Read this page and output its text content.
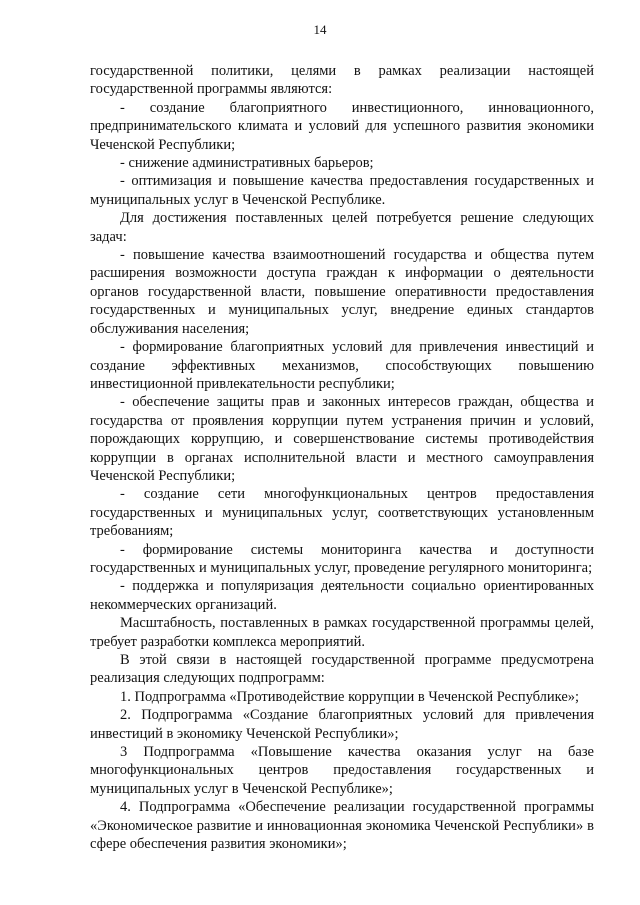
14

государственной политики, целями в рамках реализации настоящей государственной программы являются:

- создание благоприятного инвестиционного, инновационного, предпринимательского климата и условий для успешного развития экономики Чеченской Республики;

- снижение административных барьеров;

- оптимизация и повышение качества предоставления государственных и муниципальных услуг в Чеченской Республике.

Для достижения поставленных целей потребуется решение следующих задач:

- повышение качества взаимоотношений государства и общества путем расширения возможности доступа граждан к информации о деятельности органов государственной власти, повышение оперативности предоставления государственных и муниципальных услуг, внедрение единых стандартов обслуживания населения;

- формирование благоприятных условий для привлечения инвестиций и создание эффективных механизмов, способствующих повышению инвестиционной привлекательности республики;

- обеспечение защиты прав и законных интересов граждан, общества и государства от проявления коррупции путем устранения причин и условий, порождающих коррупцию, и совершенствование системы противодействия коррупции в органах исполнительной власти и местного самоуправления Чеченской Республики;

- создание сети многофункциональных центров предоставления государственных и муниципальных услуг, соответствующих установленным требованиям;

- формирование системы мониторинга качества и доступности государственных и муниципальных услуг, проведение регулярного мониторинга;

- поддержка и популяризация деятельности социально ориентированных некоммерческих организаций.

Масштабность, поставленных в рамках государственной программы целей, требует разработки комплекса мероприятий.

В этой связи в настоящей государственной программе предусмотрена реализация следующих подпрограмм:

1. Подпрограмма «Противодействие коррупции в Чеченской Республике»;

2. Подпрограмма «Создание благоприятных условий для привлечения инвестиций в экономику Чеченской Республики»;

3 Подпрограмма «Повышение качества оказания услуг на базе многофункциональных центров предоставления государственных и муниципальных услуг в Чеченской Республике»;

4. Подпрограмма «Обеспечение реализации государственной программы «Экономическое развитие и инновационная экономика Чеченской Республики» в сфере обеспечения развития экономики»;
